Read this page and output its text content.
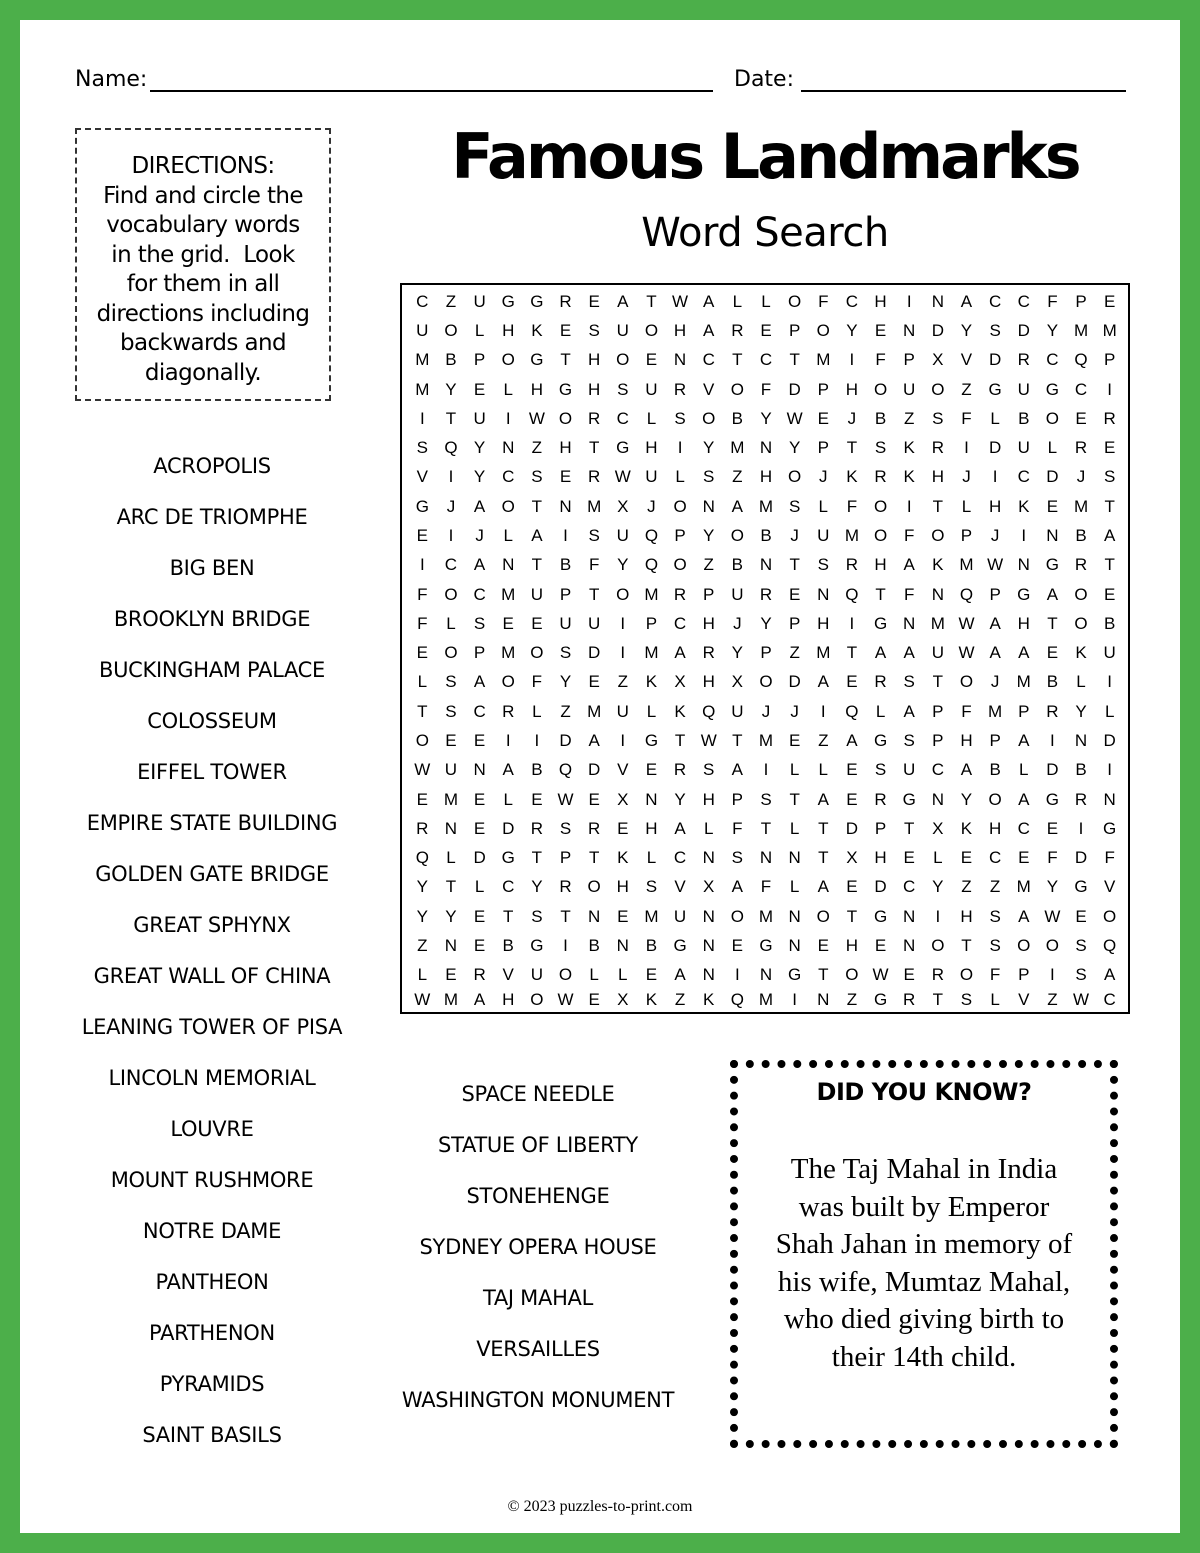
Name:	Date:
DIRECTIONS:
Find and circle the
vocabulary words
in the grid.  Look
for them in all
directions including
backwards and
diagonally.
Famous Landmarks
Word Search
C	Z	U G G R E	A	T W A	L	L	O F	C H	I	N A C C	F	P	E
U O	L	H K	E	S U O H A R E	P O Y	E N D Y	S D Y M M
M B	P O G T	H O E N C	T	C	T M	I	F	P	X	V D R C Q P
M Y	E	L	H G H S U R V O F	D P H O U O Z G U G C	I
I	T	U	I	W O R C	L	S O B	Y W E	J	B	Z	S	F	L	B O E R
S Q Y N	Z	H	T G H	I	Y M N Y	P	T	S	K R	I	D U	L	R E
V	I	Y C S	E R W U	L	S	Z	H O	J	K R K H	J	I	C D	J	S
G	J	A O T	N M X	J	O N A M S	L	F O	I	T	L	H K	E M T
E	I	J	L	A	I	S U Q P	Y O B	J	U M O F O P	J	I	N B	A
I	C A N	T	B	F	Y Q O Z	B N	T	S R H A	K M W N G R	T
F O C M U P	T O M R P U R E N Q T	F	N Q P G A O E
F	L	S	E	E U U	I	P C H	J	Y	P H	I	G N M W A H	T O B
E O P M O S D	I	M A R Y	P	Z M T	A	A U W A	A	E	K U
L	S	A O F	Y	E	Z	K	X H X O D A	E R S	T O	J	M B	L	I
T	S C R	L	Z M U	L	K Q U	J	J	I	Q	L	A	P	F M P R Y	L
O E	E	I	I	D A	I	G T W T M E	Z	A G S	P H P	A	I	N D
W U N A	B Q D V	E R S	A	I	L	L	E	S U C A	B	L	D B	I
E M E	L	E W E	X N Y H P	S	T	A	E R G N Y O A G R N
R N E D R S R E H A	L	F	T	L	T	D P	T	X	K H C E	I	G
Q	L	D G T	P	T	K	L	C N S N N	T	X H E	L	E C E	F	D	F
Y	T	L	C Y R O H S	V	X	A	F	L	A	E D C Y	Z	Z M Y G V
Y	Y	E	T	S	T	N E M U N O M N O T G N	I	H S	A W E O
Z	N E	B G	I	B N B G N E G N E H E N O T	S O O S Q
L	E R V U O	L	L	E	A N	I	N G T O W E R O F	P	I	S	A
W M A H O W E	X	K	Z	K Q M	I	N	Z G R	T	S	L	V	Z W C
ACROPOLIS
ARC DE TRIOMPHE
BIG BEN
BROOKLYN BRIDGE
BUCKINGHAM PALACE
COLOSSEUM
EIFFEL TOWER
EMPIRE STATE BUILDING
GOLDEN GATE BRIDGE
GREAT SPHYNX
GREAT WALL OF CHINA
LEANING TOWER OF PISA
LINCOLN MEMORIAL
LOUVRE
MOUNT RUSHMORE
NOTRE DAME
PANTHEON
PARTHENON
PYRAMIDS
SAINT BASILS
SPACE NEEDLE
STATUE OF LIBERTY
STONEHENGE
SYDNEY OPERA HOUSE
TAJ MAHAL
VERSAILLES
WASHINGTON MONUMENT
DID YOU KNOW?
The Taj Mahal in India
was built by Emperor
Shah Jahan in memory of
his wife, Mumtaz Mahal,
who died giving birth to
their 14th child.
© 2023 puzzles-to-print.com
